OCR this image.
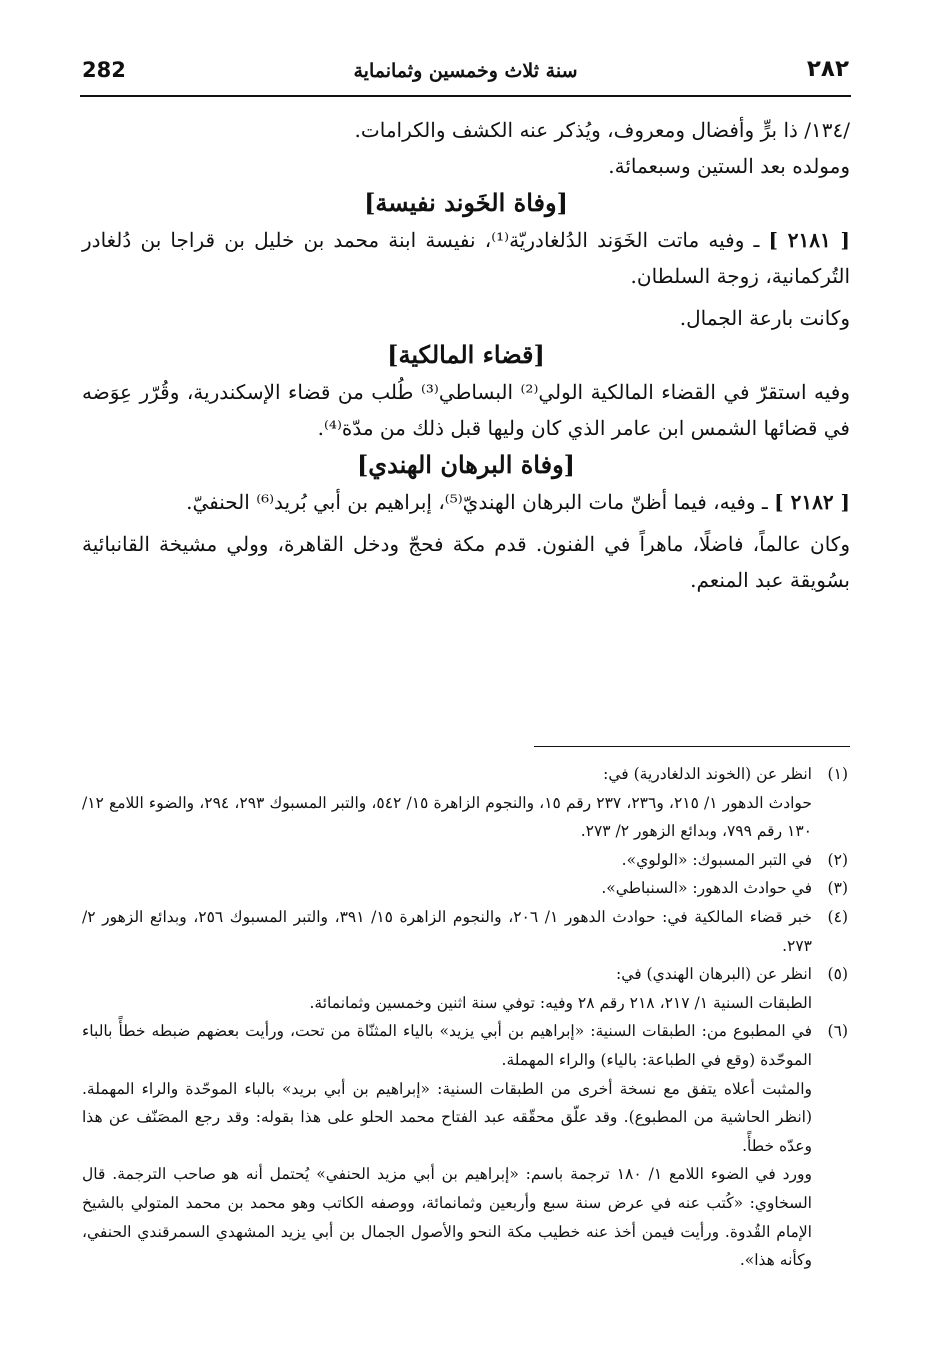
282	سنة ثلاث وخمسين وثمانماية	٢٨٢

/١٣٤/ ذا برٍّ وأفضال ومعروف، ويُذكر عنه الكشف والكرامات.

ومولده بعد الستين وسبعمائة.

[وفاة الخَوند نفيسة]

[ ٢١٨١ ] ـ وفيه ماتت الخَوَند الدُلغادريّة⁽¹⁾، نفيسة ابنة محمد بن خليل بن قراجا بن دُلغادر التُركمانية، زوجة السلطان.

وكانت بارعة الجمال.

[قضاء المالكية]

وفيه استقرّ في القضاء المالكية الولي⁽²⁾ البساطي⁽³⁾ طُلب من قضاء الإسكندرية، وقُرّر عِوَضه في قضائها الشمس ابن عامر الذي كان وليها قبل ذلك من مدّة⁽⁴⁾.

[وفاة البرهان الهندي]

[ ٢١٨٢ ] ـ وفيه، فيما أظنّ مات البرهان الهنديّ⁽⁵⁾، إبراهيم بن أبي بُريد⁽⁶⁾ الحنفيّ.

وكان عالماً، فاضلًا، ماهراً في الفنون. قدم مكة فحجّ ودخل القاهرة، وولي مشيخة القانبائية بسُويقة عبد المنعم.

(١)

انظر عن (الخوند الدلغادرية) في:

حوادث الدهور ١/ ٢١٥، و٢٣٦، ٢٣٧ رقم ١٥، والنجوم الزاهرة ١٥/ ٥٤٢، والتبر المسبوك ٢٩٣، ٢٩٤، والضوء اللامع ١٢/ ١٣٠ رقم ٧٩٩، وبدائع الزهور ٢/ ٢٧٣.

(٢)

في التبر المسبوك: «الولوي».

(٣)

في حوادث الدهور: «السنباطي».

(٤)

خبر قضاء المالكية في: حوادث الدهور ١/ ٢٠٦، والنجوم الزاهرة ١٥/ ٣٩١، والتبر المسبوك ٢٥٦، وبدائع الزهور ٢/ ٢٧٣.

(٥)

انظر عن (البرهان الهندي) في:

الطبقات السنية ١/ ٢١٧، ٢١٨ رقم ٢٨ وفيه: توفي سنة اثنين وخمسين وثمانمائة.

(٦)

في المطبوع من: الطبقات السنية: «إبراهيم بن أبي يزيد» بالياء المثنّاة من تحت، ورأيت بعضهم ضبطه خطأً بالباء الموحّدة (وقع في الطباعة: بالياء) والراء المهملة.

والمثبت أعلاه يتفق مع نسخة أخرى من الطبقات السنية: «إبراهيم بن أبي بريد» بالباء الموحّدة والراء المهملة. (انظر الحاشية من المطبوع). وقد علّق محقّقه عبد الفتاح محمد الحلو على هذا بقوله: وقد رجع المصَنّف عن هذا وعدّه خطأً.

وورد في الضوء اللامع ١/ ١٨٠ ترجمة باسم: «إبراهيم بن أبي مزيد الحنفي» يُحتمل أنه هو صاحب الترجمة. قال السخاوي: «كُتب عنه في عرض سنة سبع وأربعين وثمانمائة، ووصفه الكاتب وهو محمد بن محمد المتولي بالشيخ الإمام القُدوة. ورأيت فيمن أخذ عنه خطيب مكة النحو والأصول الجمال بن أبي يزيد المشهدي السمرقندي الحنفي، وكأنه هذا».
